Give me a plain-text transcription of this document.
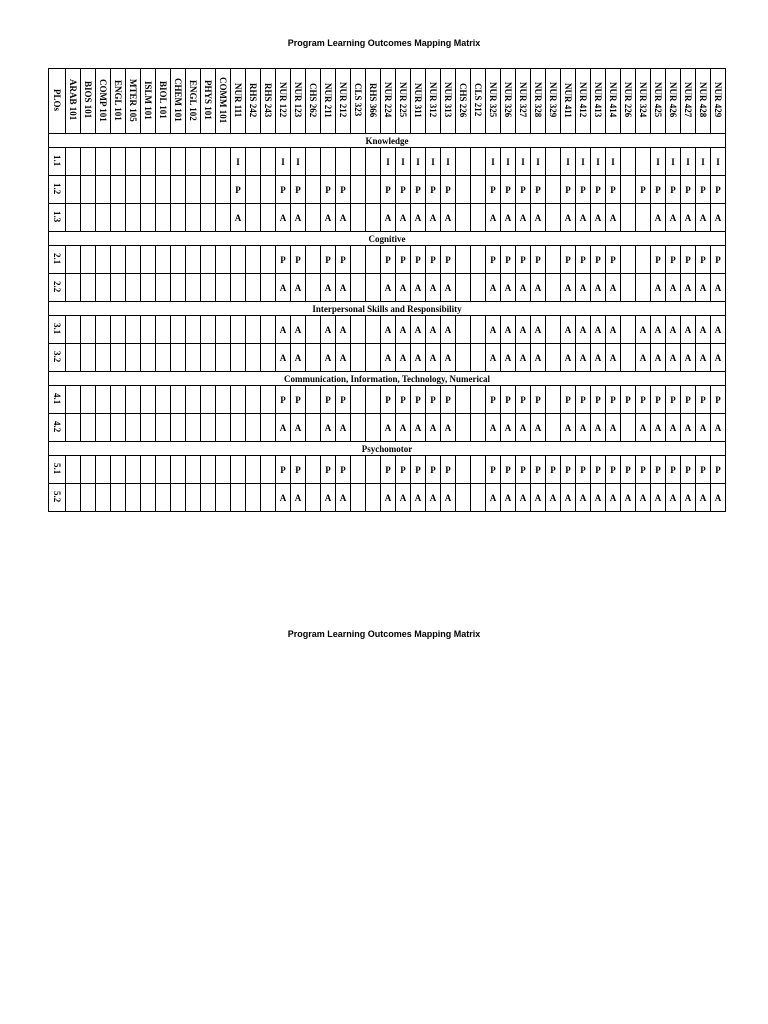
Program Learning Outcomes Mapping Matrix
PLOs	ARAB 101	BIOS 101	COMP 101	ENGL 101	MTER 105	ISLM 101	BIOL 101	CHEM 101	ENGL 102	PHYS 101	COMM 101	NUR 111	RHS 242	RHS 243	NUR 122	NUR 123	CHS 262	NUR 211	NUR 212	CLS 323	RHS 366	NUR 224	NUR 225	NUR 311	NUR 312	NUR 313	CHS 226	CLS 212	NUR 325	NUR 326	NUR 327	NUR 328	NUR 329	NUR 411	NUR 412	NUR 413	NUR 414	NUR 226	NUR 324	NUR 425	NUR 426	NUR 427	NUR 428	NUR 429
Knowledge																																												
1.1												I			I	I						I	I	I	I	I			I	I	I	I		I	I	I	I			I	I	I	I	I
1.2												P			P	P		P	P			P	P	P	P	P			P	P	P	P		P	P	P	P		P	P	P	P	P	P
1.3												A			A	A		A	A			A	A	A	A	A			A	A	A	A		A	A	A	A			A	A	A	A	A
Cognitive																																												
2.1															P	P		P	P			P	P	P	P	P			P	P	P	P		P	P	P	P			P	P	P	P	P
2.2															A	A		A	A			A	A	A	A	A			A	A	A	A		A	A	A	A			A	A	A	A	A
Interpersonal Skills and Responsibility																																												
3.1															A	A		A	A			A	A	A	A	A			A	A	A	A		A	A	A	A		A	A	A	A	A	A
3.2															A	A		A	A			A	A	A	A	A			A	A	A	A		A	A	A	A		A	A	A	A	A	A
Communication, Information, Technology, Numerical																																												
4.1															P	P		P	P			P	P	P	P	P			P	P	P	P		P	P	P	P	P	P	P	P	P	P	P
4.2															A	A		A	A			A	A	A	A	A			A	A	A	A		A	A	A	A		A	A	A	A	A	A
Psychomotor																																												
5.1															P	P		P	P			P	P	P	P	P			P	P	P	P	P	P	P	P	P	P	P	P	P	P	P	P
5.2															A	A		A	A			A	A	A	A	A			A	A	A	A	A	A	A	A	A	A	A	A	A	A	A	A
Program Learning Outcomes Mapping Matrix
